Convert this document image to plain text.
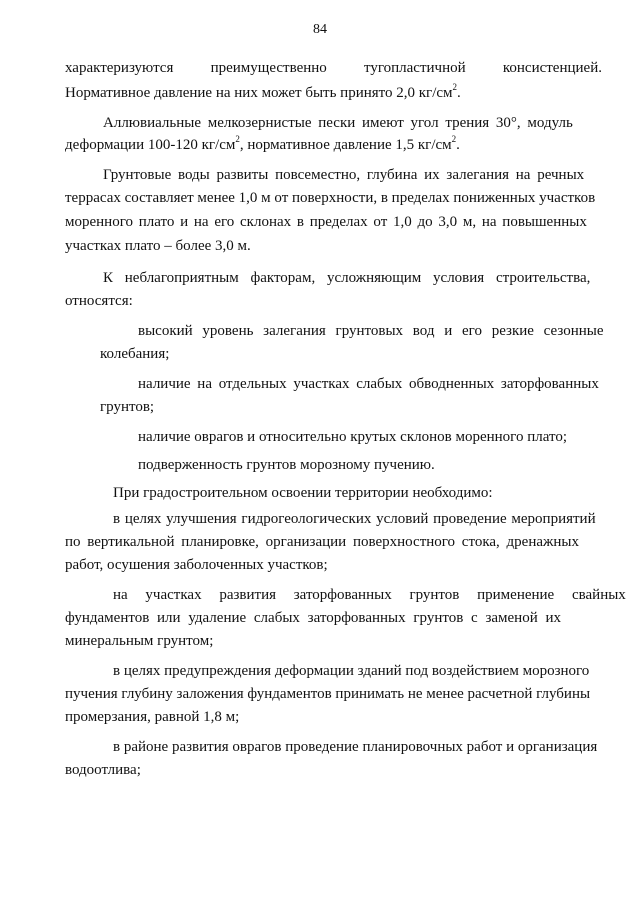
84
характеризуются преимущественно тугопластичной консистенцией.
Нормативное давление на них может быть принято 2,0 $кг/см^2$.
Аллювиальные мелкозернистые пески имеют угол трения 30°, модуль
деформации 100-120 $кг/см^2$, нормативное давление 1,5 $кг/см^2$.
Грунтовые воды развиты повсеместно, глубина их залегания на речных
террасах составляет менее 1,0 м от поверхности, в пределах пониженных участков
моренного плато и на его склонах в пределах от 1,0 до 3,0 м, на повышенных
участках плато – более 3,0 м.
К неблагоприятным факторам, усложняющим условия строительства,
относятся:
высокий уровень залегания грунтовых вод и его резкие сезонные
колебания;
наличие на отдельных участках слабых обводненных заторфованных
грунтов;
наличие оврагов и относительно крутых склонов моренного плато;
подверженность грунтов морозному пучению.
При градостроительном освоении территории необходимо:
в целях улучшения гидрогеологических условий проведение мероприятий
по вертикальной планировке, организации поверхностного стока, дренажных
работ, осушения заболоченных участков;
на участках развития заторфованных грунтов применение свайных
фундаментов или удаление слабых заторфованных грунтов с заменой их
минеральным грунтом;
в целях предупреждения деформации зданий под воздействием морозного
пучения глубину заложения фундаментов принимать не менее расчетной глубины
промерзания, равной 1,8 м;
в районе развития оврагов проведение планировочных работ и организация
водоотлива;
